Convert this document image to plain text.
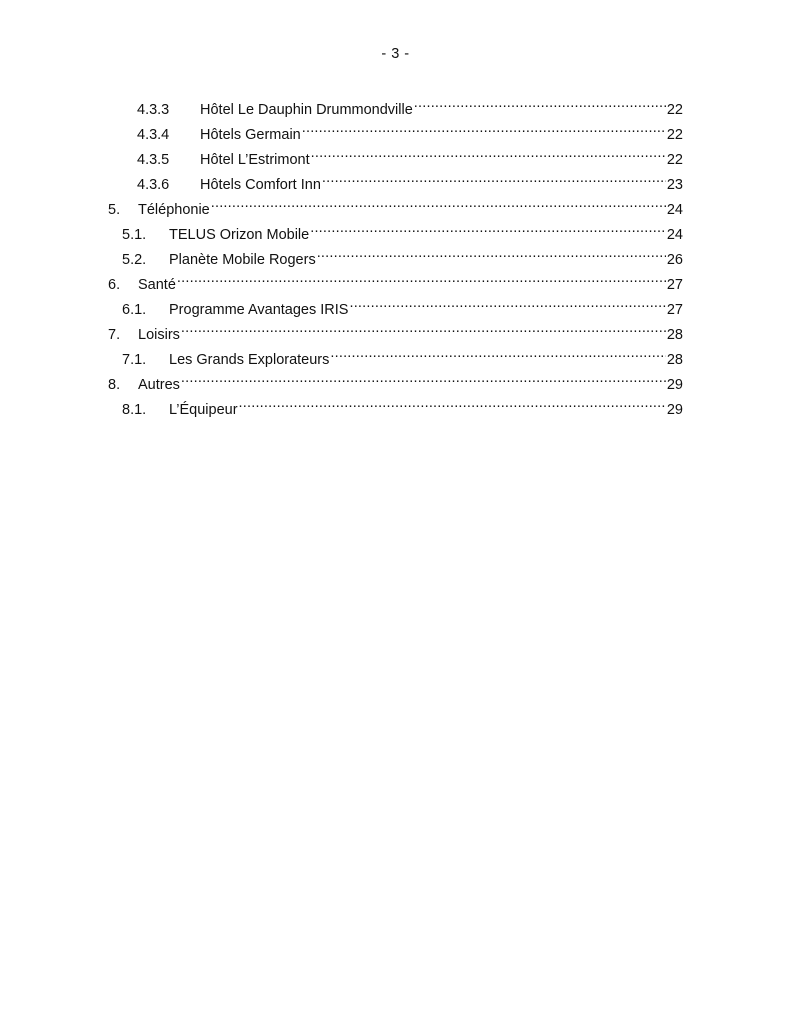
- 3 -
4.3.3	Hôtel Le Dauphin Drummondville .....	22
4.3.4	Hôtels Germain .....	22
4.3.5	Hôtel L’Estrimont .....	22
4.3.6	Hôtels Comfort Inn .....	23
5.	Téléphonie .....	24
5.1.	TELUS Orizon Mobile .....	24
5.2.	Planète Mobile Rogers .....	26
6.	Santé .....	27
6.1.	Programme Avantages IRIS .....	27
7.	Loisirs .....	28
7.1.	Les Grands Explorateurs .....	28
8.	Autres .....	29
8.1.	L’Équipeur .....	29
